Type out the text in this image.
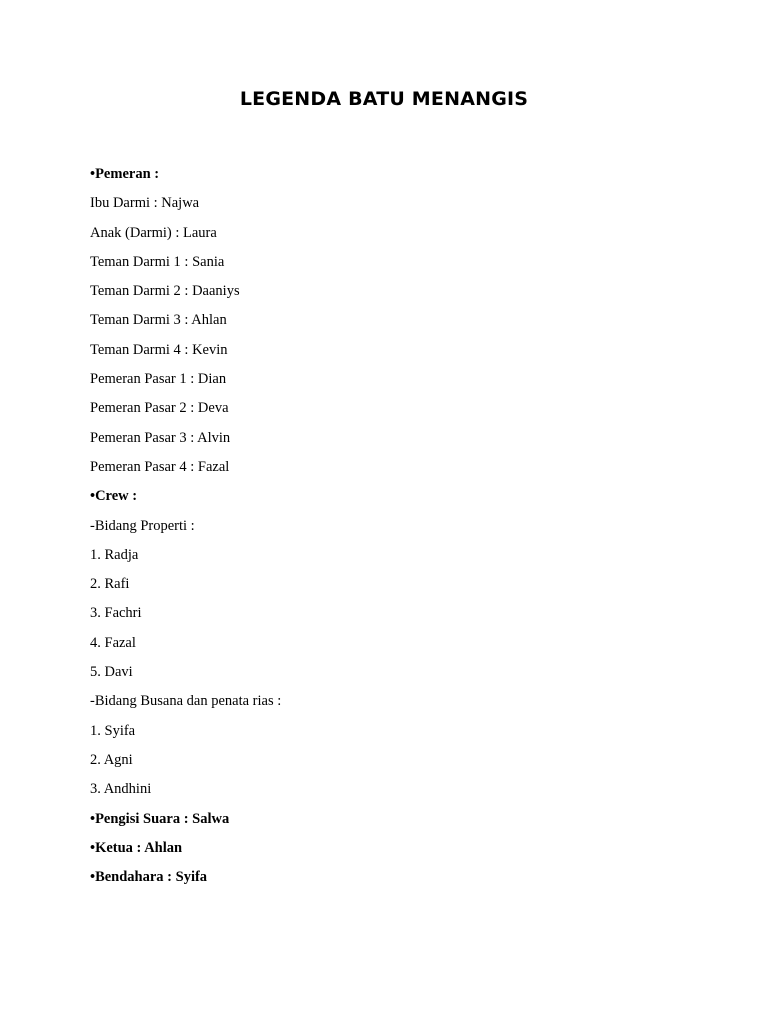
LEGENDA BATU MENANGIS
•Pemeran :
Ibu Darmi : Najwa
Anak (Darmi) : Laura
Teman Darmi 1 : Sania
Teman Darmi 2 : Daaniys
Teman Darmi 3 : Ahlan
Teman Darmi 4 : Kevin
Pemeran Pasar 1 : Dian
Pemeran Pasar 2 : Deva
Pemeran Pasar 3 : Alvin
Pemeran Pasar 4 : Fazal
•Crew :
-Bidang Properti :
1. Radja
2. Rafi
3. Fachri
4. Fazal
5. Davi
-Bidang Busana dan penata rias :
1. Syifa
2. Agni
3. Andhini
•Pengisi Suara : Salwa
•Ketua : Ahlan
•Bendahara : Syifa
